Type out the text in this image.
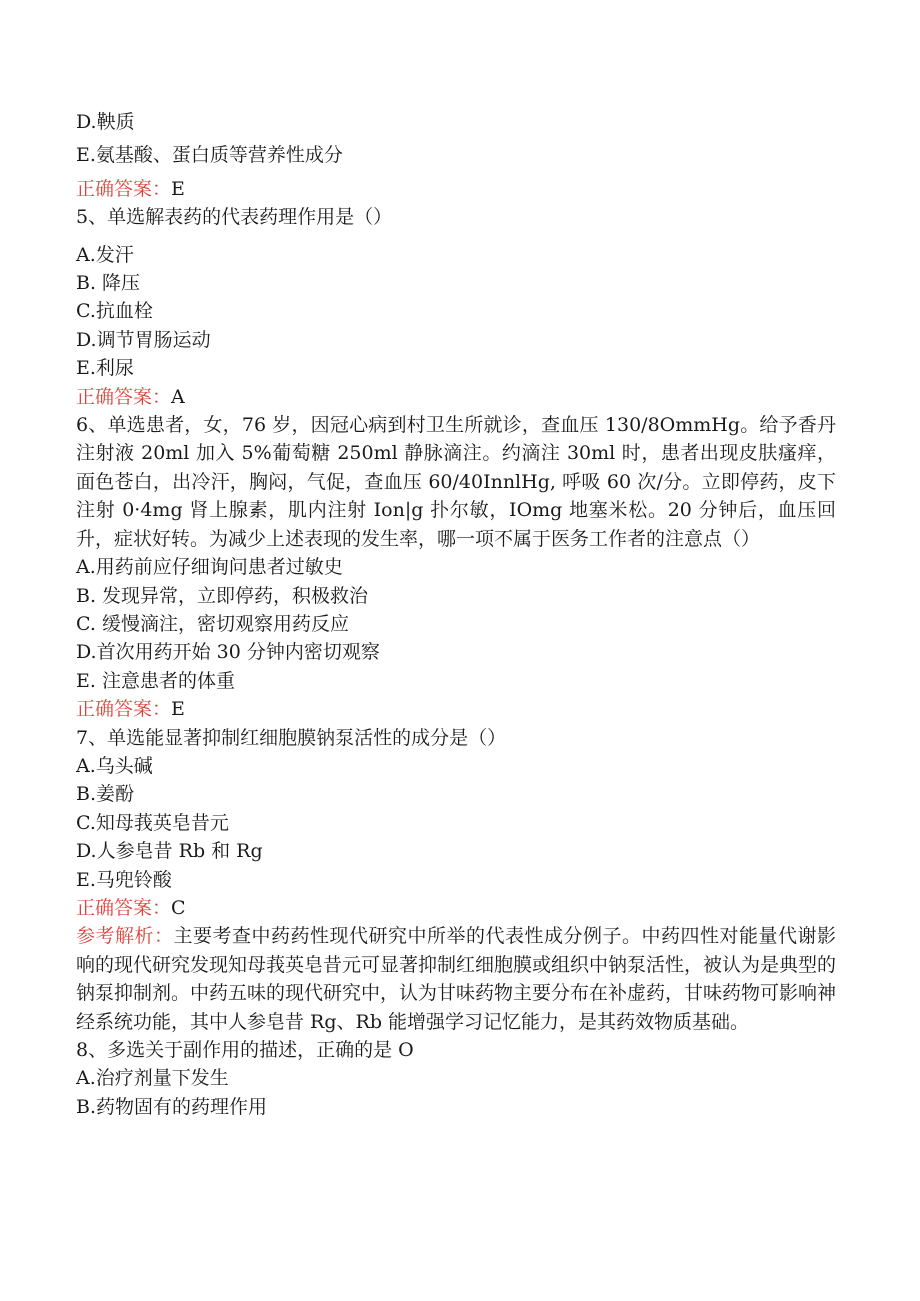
D.鞅质
E.氨基酸、蛋白质等营养性成分
正确答案：E
5、单选解表药的代表药理作用是（）
A.发汗
B. 降压
C.抗血栓
D.调节胃肠运动
E.利尿
正确答案：A
6、单选患者，女，76 岁，因冠心病到村卫生所就诊，查血压 130/8OmmHg。给予香丹注射液 20ml 加入 5%葡萄糖 250ml 静脉滴注。约滴注 30ml 时，患者出现皮肤瘙痒，面色苍白，出冷汗，胸闷，气促，查血压 60/40InnlHg, 呼吸 60 次/分。立即停药，皮下注射 0·4mg 肾上腺素，肌内注射 Ion|g 扑尔敏，IOmg 地塞米松。20 分钟后，血压回升，症状好转。为减少上述表现的发生率，哪一项不属于医务工作者的注意点（）
A.用药前应仔细询问患者过敏史
B. 发现异常，立即停药，积极救治
C. 缓慢滴注，密切观察用药反应
D.首次用药开始 30 分钟内密切观察
E. 注意患者的体重
正确答案：E
7、单选能显著抑制红细胞膜钠泵活性的成分是（）
A.乌头碱
B.姜酚
C.知母莪英皂昔元
D.人参皂昔 Rb 和 Rg
E.马兜铃酸
正确答案：C
参考解析：主要考查中药药性现代研究中所举的代表性成分例子。中药四性对能量代谢影响的现代研究发现知母莪英皂昔元可显著抑制红细胞膜或组织中钠泵活性，被认为是典型的钠泵抑制剂。中药五味的现代研究中，认为甘味药物主要分布在补虚药，甘味药物可影响神经系统功能，其中人参皂昔 Rg、Rb 能增强学习记忆能力，是其药效物质基础。
8、多选关于副作用的描述，正确的是 O
A.治疗剂量下发生
B.药物固有的药理作用
